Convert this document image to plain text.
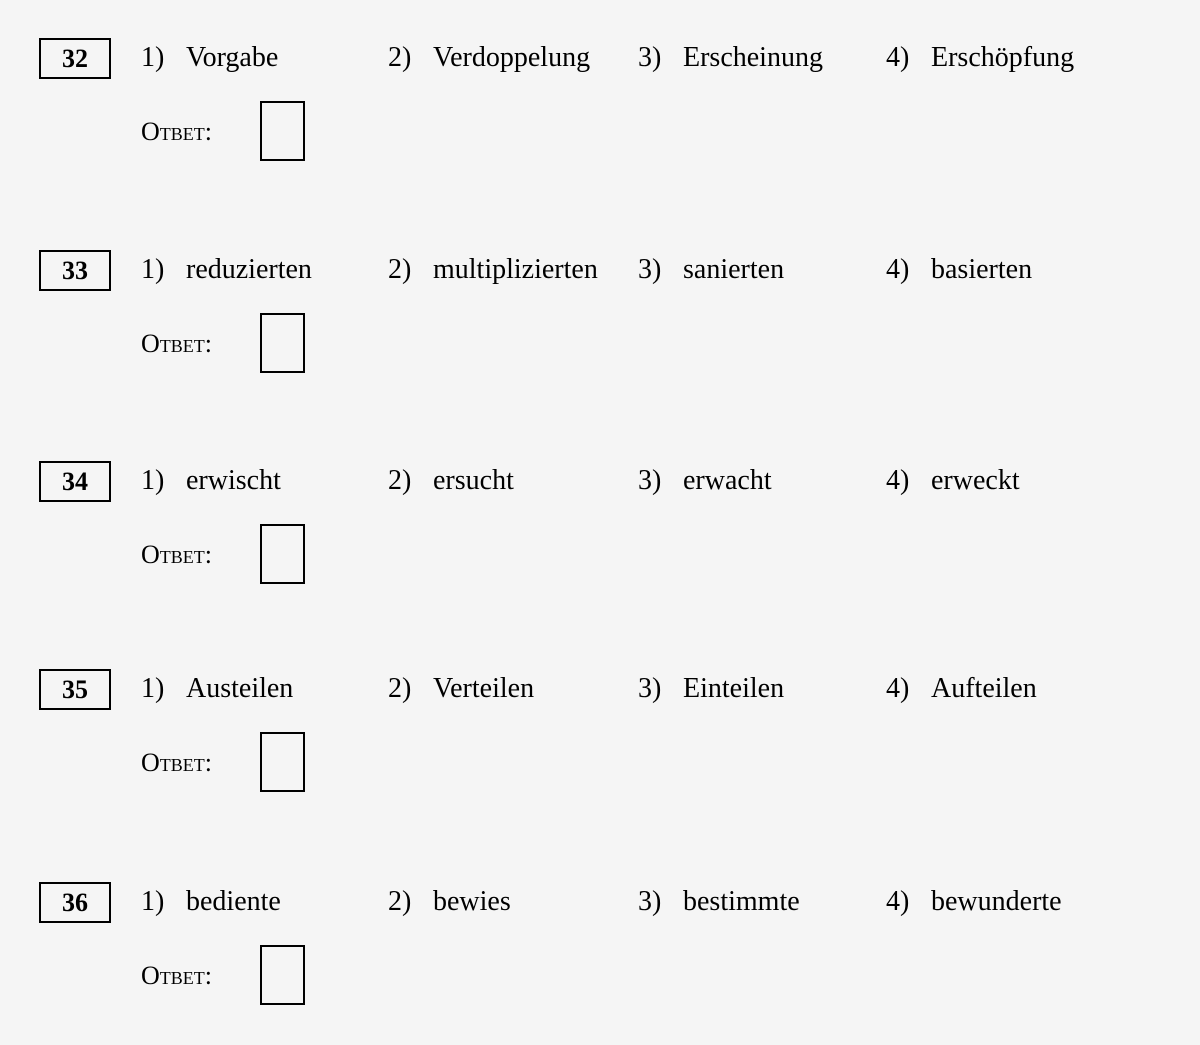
32	1) Vorgabe	2) Verdoppelung 3) Erscheinung 4) Erschöpfung
Ответ:
33	1) reduzierten	2) multiplizierten 3) sanierten	4) basierten
Ответ:
34	1) erwischt	2) ersucht	3) erwacht	4) erweckt
Ответ:
35	1) Austeilen	2) Verteilen	3) Einteilen	4) Aufteilen
Ответ:
36	1) bediente	2) bewies	3) bestimmte	4) bewunderte
Ответ:
